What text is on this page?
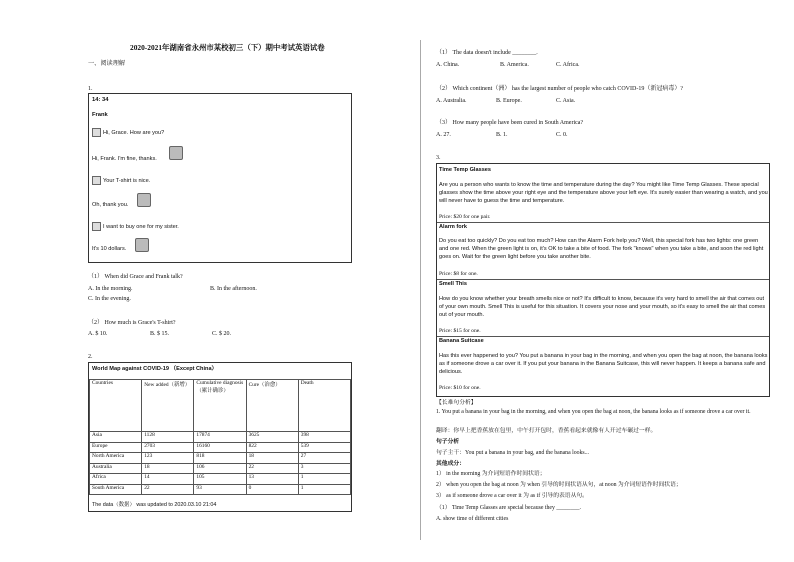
2020-2021年湖南省永州市某校初三（下）期中考试英语试卷
一、阅读理解
1.
14: 34
Frank
Hi, Grace. How are you?
Hi, Frank. I'm fine, thanks.
Your T-shirt is nice.
Oh, thank you.
I want to buy one for my sister.
It's 10 dollars.
（1） When did Grace and Frank talk?
A. In the morning.	B. In the afternoon.
C. In the evening.
（2） How much is Grace's T-shirt?
A. $ 10.	B. $ 15.	C. $ 20.
2.
World Map against COVID-19 （Except China）
Countries	New added（新增）	Cumulative diagnosis（累计确诊）	Cure（治愈）	Death
Asia	1128	17874	3625	398
Europe	2703	16160	822	539
North America	123	818	18	27
Australia	18	106	22	3
Africa	14	105	13	1
South America	22	93	0	1
The data（数据） was updated to 2020.03.10 21:04
（1） The data doesn't include ________.
A. China.	B. America.	C. Africa.
（2） Which continent（洲） has the largest number of people who catch COVID-19（新冠病毒）?
A. Australia.	B. Europe.	C. Asia.
（3） How many people have been cured in South America?
A. 27.	B. 1.	C. 0.
3.
Time Temp Glasses
Are you a person who wants to know the time and temperature during the day? You might like Time Temp Glasses. These special glasses show the time above your right eye and the temperature above your left eye. It's surely easier than wearing a watch, and you will never have to guess the time and temperature.
Price: $20 for one pair.
Alarm fork
Do you eat too quickly? Do you eat too much? How can the Alarm Fork help you? Well, this special fork has two lights: one green and one red. When the green light is on, it's OK to take a bite of food. The fork "knows" when you take a bite, and soon the red light goes on. Wait for the green light before you take another bite.
Price: $8 for one.
Smell This
How do you know whether your breath smells nice or not? It's difficult to know, because it's very hard to smell the air that comes out of your own mouth. Smell This is useful for this situation. It covers your nose and your mouth, so it's easy to smell the air that comes out of your mouth.
Price: $15 for one.
Banana Suitcase
Has this ever happened to you? You put a banana in your bag in the morning, and when you open the bag at noon, the banana looks as if someone drove a car over it. If you put your banana in the Banana Suitcase, this will never happen. It keeps a banana safe and delicious.
Price: $10 for one.
【长难句分析】
1. You put a banana in your bag in the morning, and when you open the bag at noon, the banana looks as if someone drove a car over it.
翻译：你早上把香蕉放在包里，中午打开包时，香蕉看起来就像有人开过车碾过一样。
句子分析
句子主干：You put a banana in your bag, and the banana looks...
其他成分：
1） in the morning 为介词短语作时间状语；
2） when you open the bag at noon 为 when 引导的时间状语从句，at noon 为介词短语作时间状语；
3） as if someone drove a car over it 为 as if 引导的表语从句。
（1） Time Temp Glasses are special because they ________.
A. show time of different cities
